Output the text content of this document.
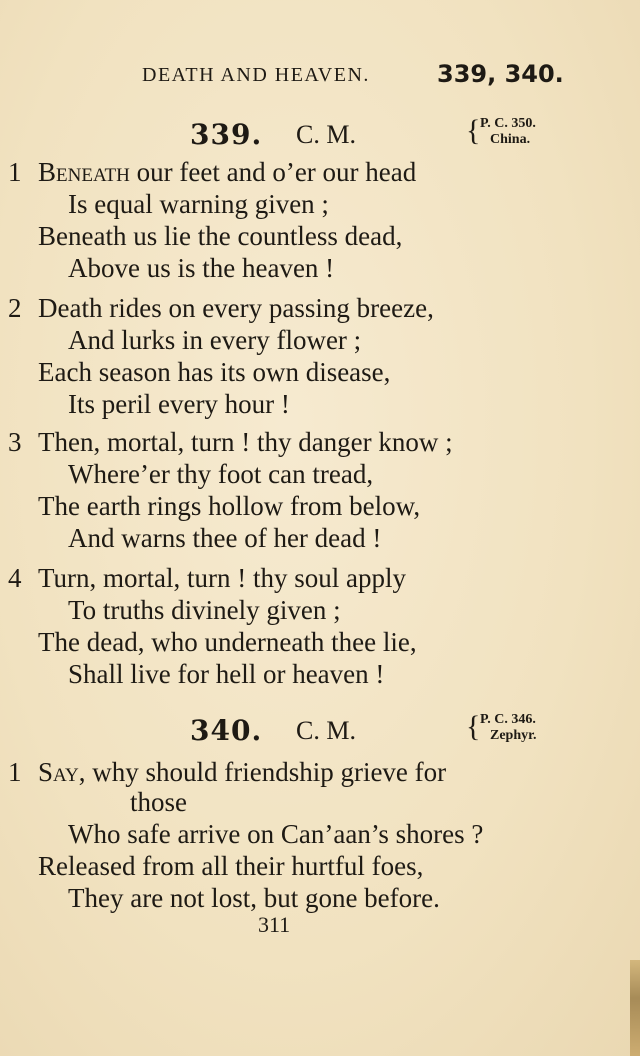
DEATH AND HEAVEN.	339, 340.
339. C. M.	{ P. C. 350.
China.
1 Beneath our feet and o’er our head
Is equal warning given ;
Beneath us lie the countless dead,
Above us is the heaven !
2 Death rides on every passing breeze,
And lurks in every flower ;
Each season has its own disease,
Its peril every hour !
3 Then, mortal, turn ! thy danger know ;
Where’er thy foot can tread,
The earth rings hollow from below,
And warns thee of her dead !
4 Turn, mortal, turn ! thy soul apply
To truths divinely given ;
The dead, who underneath thee lie,
Shall live for hell or heaven !
340. C. M.	{ P. C. 346.
Zephyr.
1 Say, why should friendship grieve for
those
Who safe arrive on Can’aan’s shores ?
Released from all their hurtful foes,
They are not lost, but gone before.
311
